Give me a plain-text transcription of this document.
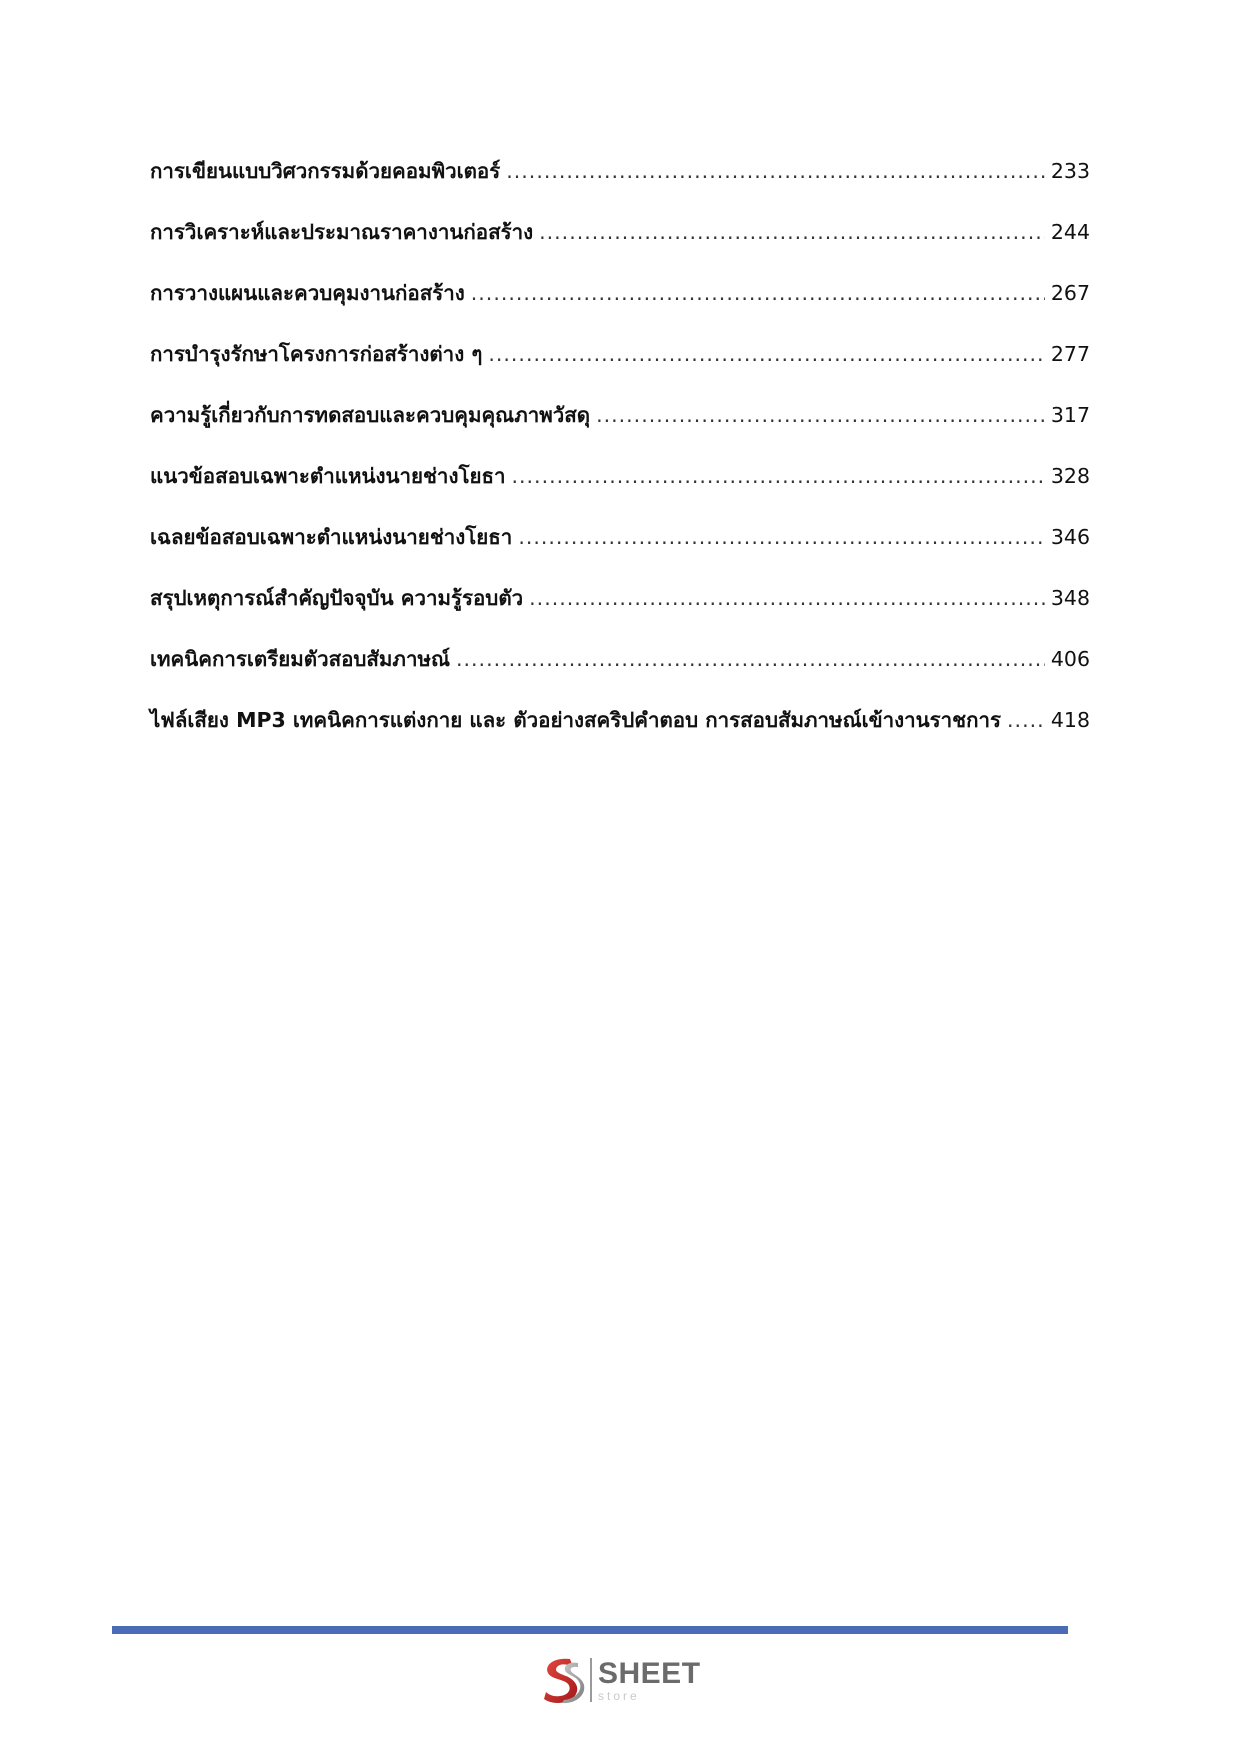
การเขียนแบบวิศวกรรมด้วยคอมพิวเตอร์ .....	233
การวิเคราะห์และประมาณราคางานก่อสร้าง .....	244
การวางแผนและควบคุมงานก่อสร้าง .....	267
การบำรุงรักษาโครงการก่อสร้างต่าง ๆ .....	277
ความรู้เกี่ยวกับการทดสอบและควบคุมคุณภาพวัสดุ .....	317
แนวข้อสอบเฉพาะตำแหน่งนายช่างโยธา .....	328
เฉลยข้อสอบเฉพาะตำแหน่งนายช่างโยธา .....	346
สรุปเหตุการณ์สำคัญปัจจุบัน ความรู้รอบตัว .....	348
เทคนิคการเตรียมตัวสอบสัมภาษณ์ .....	406
ไฟล์เสียง MP3 เทคนิคการแต่งกาย และ ตัวอย่างสคริปคำตอบ การสอบสัมภาษณ์เข้างานราชการ ..... 418
SHEET
store
